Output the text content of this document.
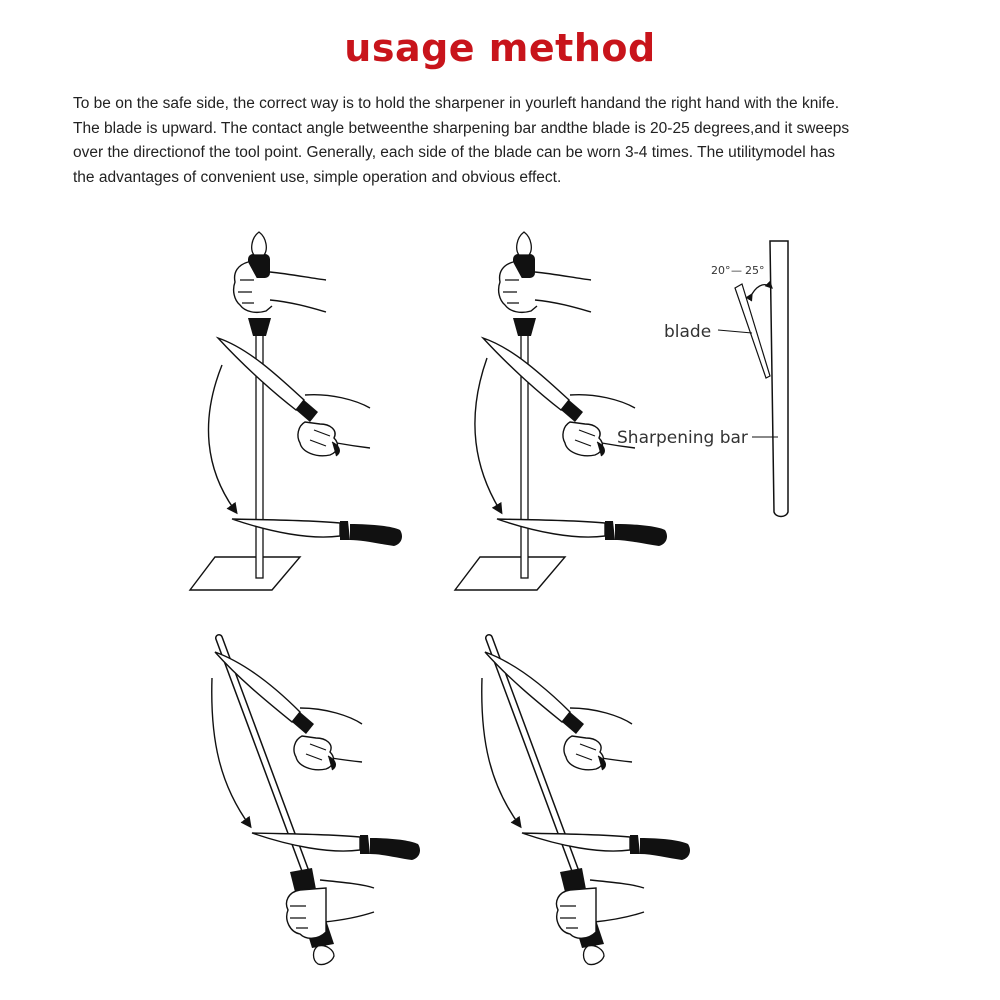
usage method
To be on the safe side, the correct way is to hold the sharpener in yourleft handand the right hand with the knife.
The blade is upward. The contact angle betweenthe sharpening bar andthe blade is 20-25 degrees,and it sweeps
over the directionof the tool point. Generally, each side of the blade can be worn 3-4 times. The utilitymodel has
the advantages of convenient use, simple operation and obvious effect.
20° — 25°
blade
Sharpening bar
